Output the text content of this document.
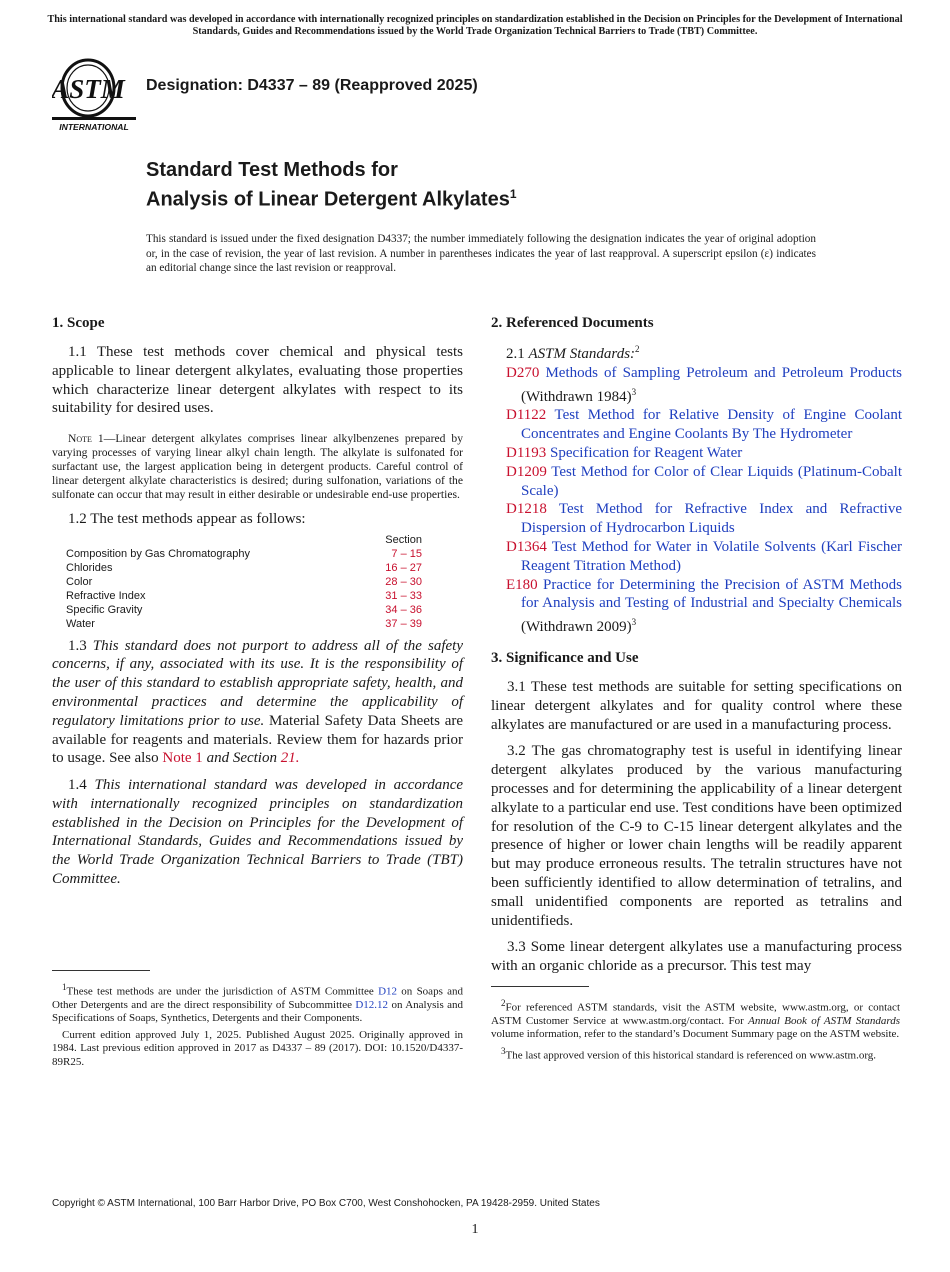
This international standard was developed in accordance with internationally recognized principles on standardization established in the Decision on Principles for the Development of International Standards, Guides and Recommendations issued by the World Trade Organization Technical Barriers to Trade (TBT) Committee.
ASTM
INTERNATIONAL
Designation: D4337 – 89 (Reapproved 2025)
Standard Test Methods for
Analysis of Linear Detergent Alkylates$^1$
This standard is issued under the fixed designation D4337; the number immediately following the designation indicates the year of original adoption or, in the case of revision, the year of last revision. A number in parentheses indicates the year of last reapproval. A superscript epsilon (ε) indicates an editorial change since the last revision or reapproval.
1. Scope

1.1 These test methods cover chemical and physical tests applicable to linear detergent alkylates, evaluating those properties which characterize linear detergent alkylates with respect to its suitability for desired uses.

Note 1—Linear detergent alkylates comprises linear alkylbenzenes prepared by varying processes of varying linear alkyl chain length. The alkylate is sulfonated for surfactant use, the largest application being in detergent products. Careful control of linear detergent alkylate characteristics is desired; during sulfonation, variations of the sulfonate can occur that may result in either desirable or undesirable end-use properties.

1.2 The test methods appear as follows:

	Section
Composition by Gas Chromatography	7 – 15
Chlorides	16 – 27
Color	28 – 30
Refractive Index	31 – 33
Specific Gravity	34 – 36
Water	37 – 39

1.3 This standard does not purport to address all of the safety concerns, if any, associated with its use. It is the responsibility of the user of this standard to establish appropriate safety, health, and environmental practices and determine the applicability of regulatory limitations prior to use. Material Safety Data Sheets are available for reagents and materials. Review them for hazards prior to usage. See also Note 1 and Section 21.

1.4 This international standard was developed in accordance with internationally recognized principles on standardization established in the Decision on Principles for the Development of International Standards, Guides and Recommendations issued by the World Trade Organization Technical Barriers to Trade (TBT) Committee.

$^1$These test methods are under the jurisdiction of ASTM Committee D12 on Soaps and Other Detergents and are the direct responsibility of Subcommittee D12.12 on Analysis and Specifications of Soaps, Synthetics, Detergents and their Components.

Current edition approved July 1, 2025. Published August 2025. Originally approved in 1984. Last previous edition approved in 2017 as D4337 – 89 (2017). DOI: 10.1520/D4337-89R25.

2. Referenced Documents

2.1 ASTM Standards:$^2$

D270 Methods of Sampling Petroleum and Petroleum Products (Withdrawn 1984)$^3$

D1122 Test Method for Relative Density of Engine Coolant Concentrates and Engine Coolants By The Hydrometer

D1193 Specification for Reagent Water

D1209 Test Method for Color of Clear Liquids (Platinum-Cobalt Scale)

D1218 Test Method for Refractive Index and Refractive Dispersion of Hydrocarbon Liquids

D1364 Test Method for Water in Volatile Solvents (Karl Fischer Reagent Titration Method)

E180 Practice for Determining the Precision of ASTM Methods for Analysis and Testing of Industrial and Specialty Chemicals (Withdrawn 2009)$^3$

3. Significance and Use

3.1 These test methods are suitable for setting specifications on linear detergent alkylates and for quality control where these alkylates are manufactured or are used in a manufacturing process.

3.2 The gas chromatography test is useful in identifying linear detergent alkylates produced by the various manufacturing processes and for determining the applicability of a linear detergent alkylate to a particular end use. Test conditions have been optimized for resolution of the C-9 to C-15 linear detergent alkylates and the presence of higher or lower chain lengths will be readily apparent but may produce erroneous results. The tetralin structures have not been sufficiently identified to allow determination of tetralins, and small unidentified components are reported as tetralins and unidentifieds.

3.3 Some linear detergent alkylates use a manufacturing process with an organic chloride as a precursor. This test may

$^2$For referenced ASTM standards, visit the ASTM website, www.astm.org, or contact ASTM Customer Service at www.astm.org/contact. For Annual Book of ASTM Standards volume information, refer to the standard’s Document Summary page on the ASTM website.

$^3$The last approved version of this historical standard is referenced on www.astm.org.

Copyright © ASTM International, 100 Barr Harbor Drive, PO Box C700, West Conshohocken, PA 19428-2959. United States
1
